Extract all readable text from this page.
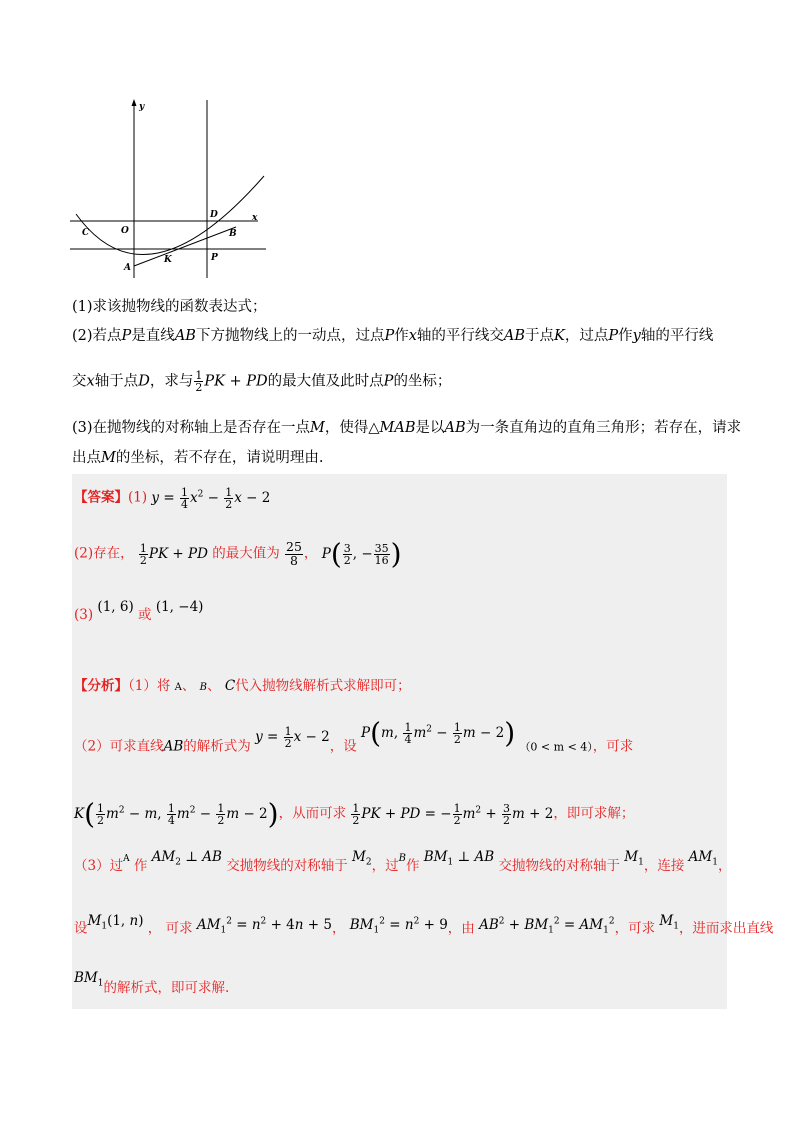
y
x
O
C
A
B
D
K	P
(1)求该抛物线的函数表达式；
(2)若点P是直线AB下方抛物线上的一动点，过点P作x轴的平行线交AB于点K，过点P作y轴的平行线
交x轴于点D，求与 $\frac{1}{2}$ PK + PD的最大值及此时点P的坐标；
(3)在抛物线的对称轴上是否存在一点M，使得△MAB是以AB为一条直角边的直角三角形；若存在，请求
出点M的坐标，若不存在，请说明理由.
【答案】(1) $y = \frac{1}{4} x^2 - \frac{1}{2}$ x − 2
(2)存在， $\frac{1}{2}$ PK + PD 的最大值为 $\frac{25}{8}$ ， $P( \frac{3}{2}$ , − $\frac{35}{16}$ )
(3) (1, 6) 或 (1, −4)
【分析】（1）将 A、 B、 C代入抛物线解析式求解即可；
（2）可求直线AB的解析式为 $y = \frac{1}{2}$ x − 2，设 P(m, $\frac{1}{4} m^2 - \frac{1}{2}$ m − 2) （0 < m < 4），可求
$K( \frac{1}{2} m^2 - m$, $\frac{1}{4} m^2 - \frac{1}{2}$ m − 2)，从而可求 $\frac{1}{2}$ PK + PD = − $\frac{1}{2} m^2 + \frac{3}{2}$ m + 2，即可求解；
（3）过$^A$ 作 $AM_2$ ⊥ AB 交抛物线的对称轴于 $M_2$，过$^B$作 $BM_1$ ⊥ AB 交抛物线的对称轴于 $M_1$，连接 $AM_1$，
设$M_1(1$, n) ， 可求 $AM_1^2 = n^2 + 4n + 5$， $BM_1^2 = n^2 + 9$，由 $AB^2 + BM_1^2 = AM_1^2$，可求 $M_1$，进而求出直线
$BM_1$的解析式，即可求解.
